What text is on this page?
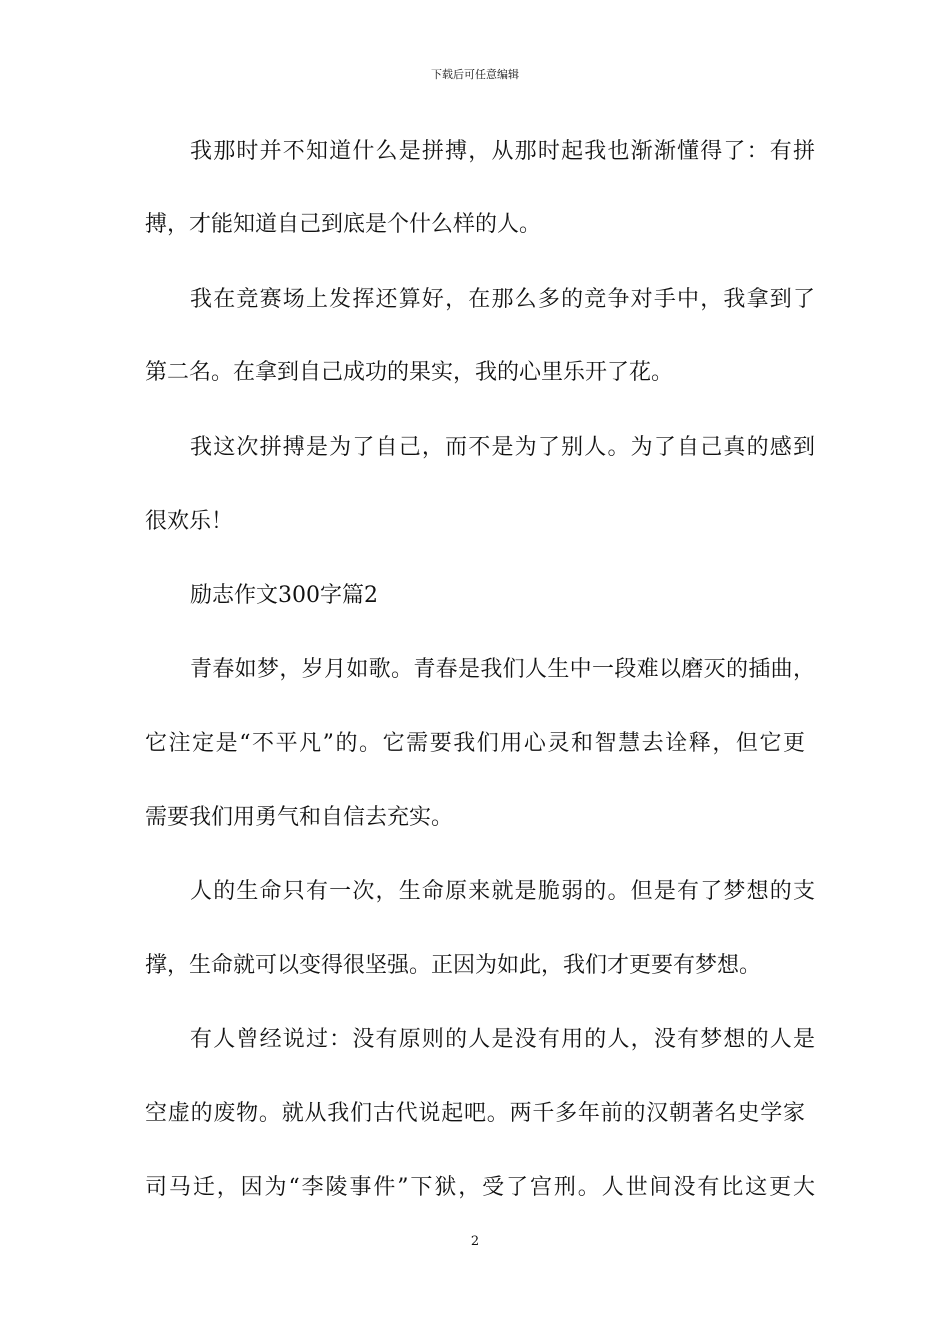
下载后可任意编辑
我那时并不知道什么是拼搏，从那时起我也渐渐懂得了：有拼
搏，才能知道自己到底是个什么样的人。
我在竞赛场上发挥还算好，在那么多的竞争对手中，我拿到了
第二名。在拿到自己成功的果实，我的心里乐开了花。
我这次拼搏是为了自己，而不是为了别人。为了自己真的感到
很欢乐！
励志作文300字篇2
青春如梦，岁月如歌。青春是我们人生中一段难以磨灭的插曲，
它注定是“不平凡”的。它需要我们用心灵和智慧去诠释，但它更
需要我们用勇气和自信去充实。
人的生命只有一次，生命原来就是脆弱的。但是有了梦想的支
撑，生命就可以变得很坚强。正因为如此，我们才更要有梦想。
有人曾经说过：没有原则的人是没有用的人，没有梦想的人是
空虚的废物。就从我们古代说起吧。两千多年前的汉朝著名史学家
司马迁，因为“李陵事件”下狱，受了宫刑。人世间没有比这更大
2
